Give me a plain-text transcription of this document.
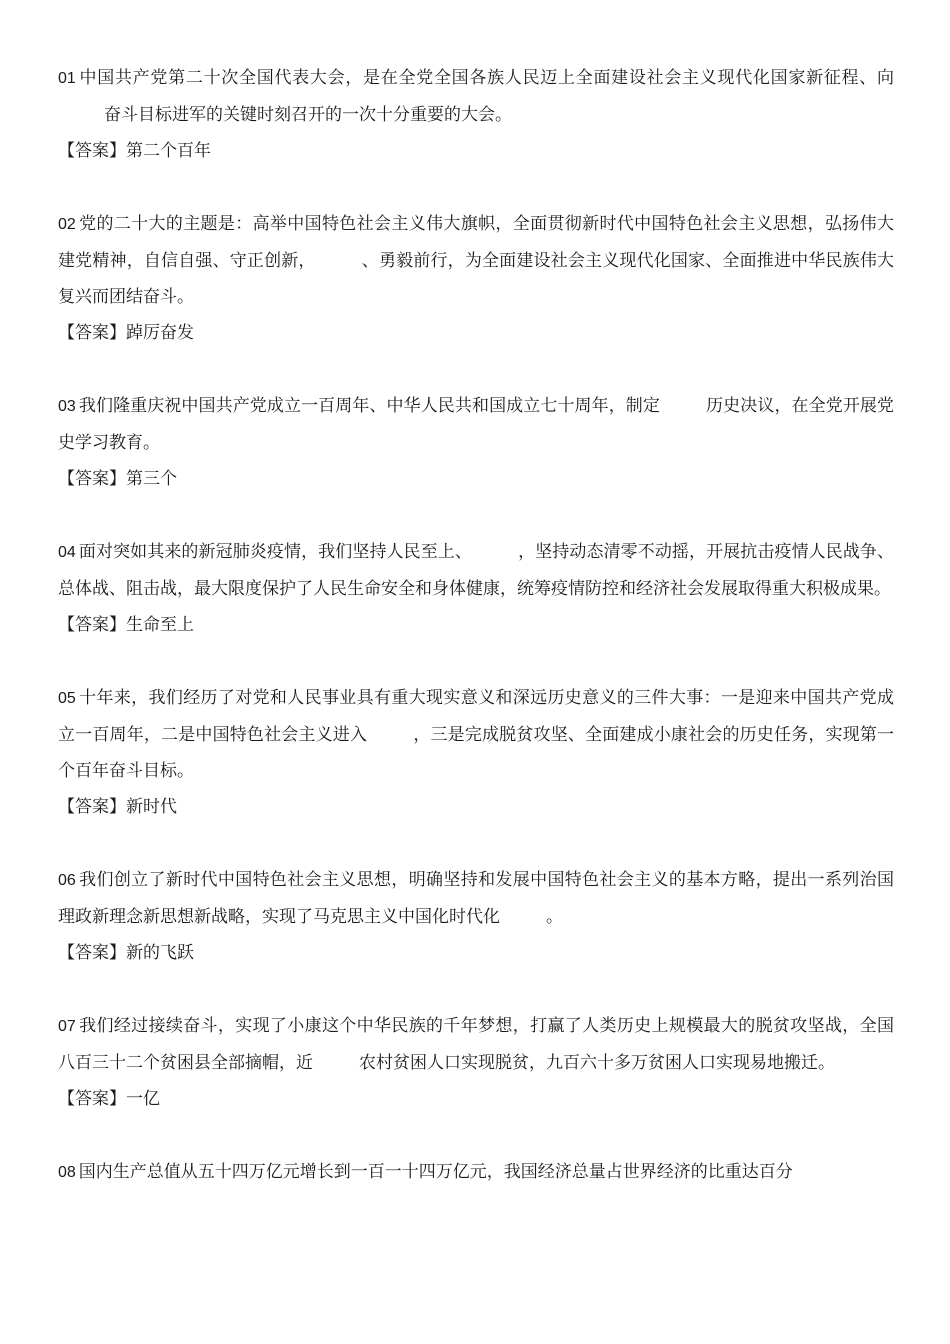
01 中国共产党第二十次全国代表大会，是在全党全国各族人民迈上全面建设社会主义现代化国家新征程、向奋斗目标进军的关键时刻召开的一次十分重要的大会。

【答案】第二个百年

02 党的二十大的主题是：高举中国特色社会主义伟大旗帜，全面贯彻新时代中国特色社会主义思想，弘扬伟大建党精神，自信自强、守正创新，	、勇毅前行，为全面建设社会主义现代化国家、全面推进中华民族伟大复兴而团结奋斗。

【答案】踔厉奋发

03 我们隆重庆祝中国共产党成立一百周年、中华人民共和国成立七十周年，制定	历史决议，在全党开展党史学习教育。

【答案】第三个

04 面对突如其来的新冠肺炎疫情，我们坚持人民至上、	，坚持动态清零不动摇，开展抗击疫情人民战争、总体战、阻击战，最大限度保护了人民生命安全和身体健康，统筹疫情防控和经济社会发展取得重大积极成果。

【答案】生命至上

05 十年来，我们经历了对党和人民事业具有重大现实意义和深远历史意义的三件大事：一是迎来中国共产党成立一百周年，二是中国特色社会主义进入	，三是完成脱贫攻坚、全面建成小康社会的历史任务，实现第一个百年奋斗目标。

【答案】新时代

06 我们创立了新时代中国特色社会主义思想，明确坚持和发展中国特色社会主义的基本方略，提出一系列治国理政新理念新思想新战略，实现了马克思主义中国化时代化	。

【答案】新的飞跃

07 我们经过接续奋斗，实现了小康这个中华民族的千年梦想，打赢了人类历史上规模最大的脱贫攻坚战，全国八百三十二个贫困县全部摘帽，近	农村贫困人口实现脱贫，九百六十多万贫困人口实现易地搬迁。

【答案】一亿

08 国内生产总值从五十四万亿元增长到一百一十四万亿元，我国经济总量占世界经济的比重达百分
